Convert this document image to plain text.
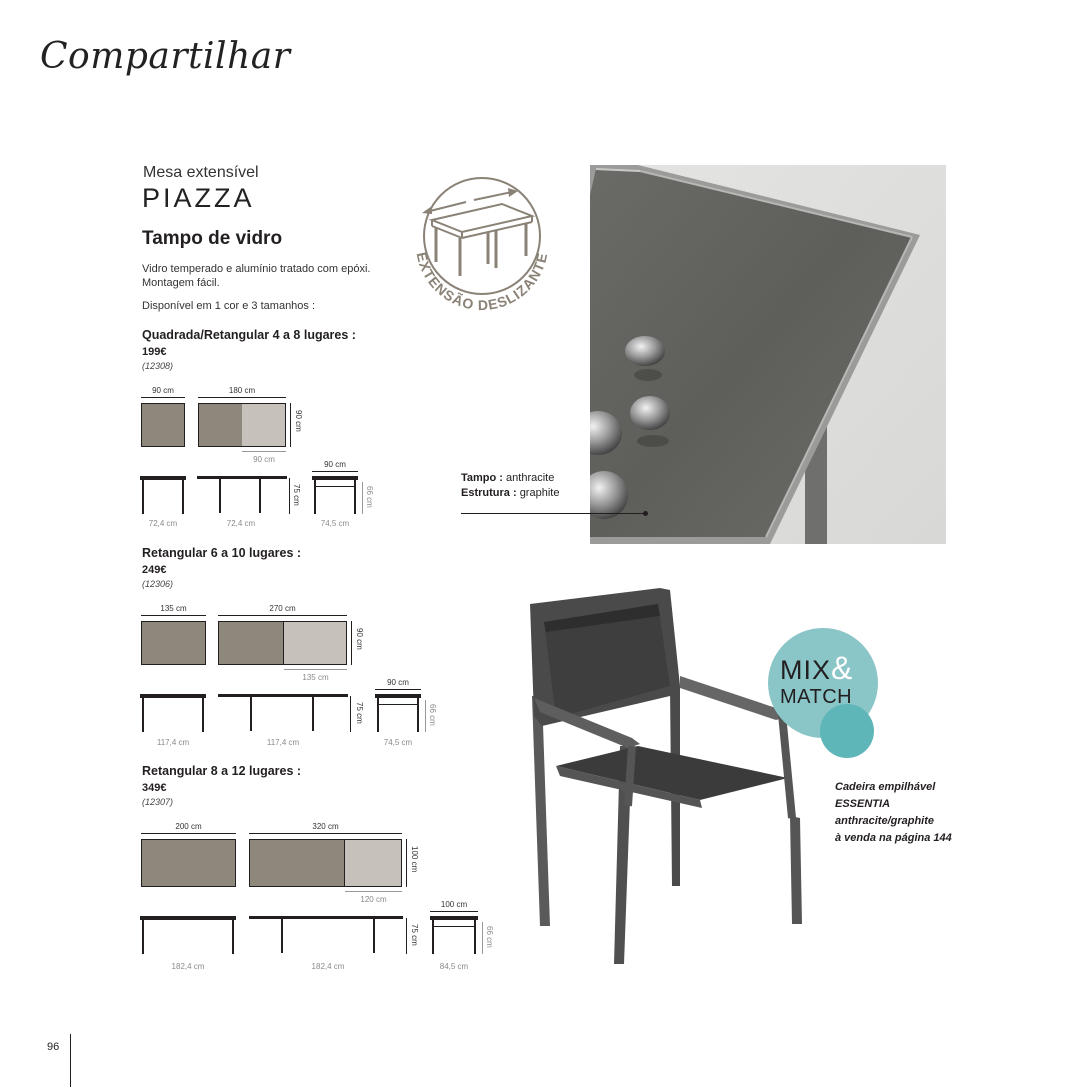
Compartilhar
Mesa extensível
PIAZZA
Tampo de vidro
Vidro temperado e alumínio tratado com epóxi.
Montagem fácil.
Disponível em 1 cor e 3 tamanhos :
EXTENSÃO DESLIZANTE
Quadrada/Retangular 4 a 8 lugares :
199€
(12308)
90 cm	180 cm
90 cm
90 cm
72,4 cm	72,4 cm
75 cm
90 cm
66 cm
74,5 cm
Retangular 6 a 10 lugares :
249€
(12306)
135 cm	270 cm
90 cm
135 cm
117,4 cm	117,4 cm
75 cm
90 cm
66 cm
74,5 cm
Retangular 8 a 12 lugares :
349€
(12307)
200 cm	320 cm
100 cm
120 cm
182,4 cm	182,4 cm
75 cm
100 cm
66 cm
84,5 cm
Tampo : anthracite
Estrutura : graphite
MIX&
MATCH
Cadeira empilhável
ESSENTIA
anthracite/graphite
à venda na página 144
96
